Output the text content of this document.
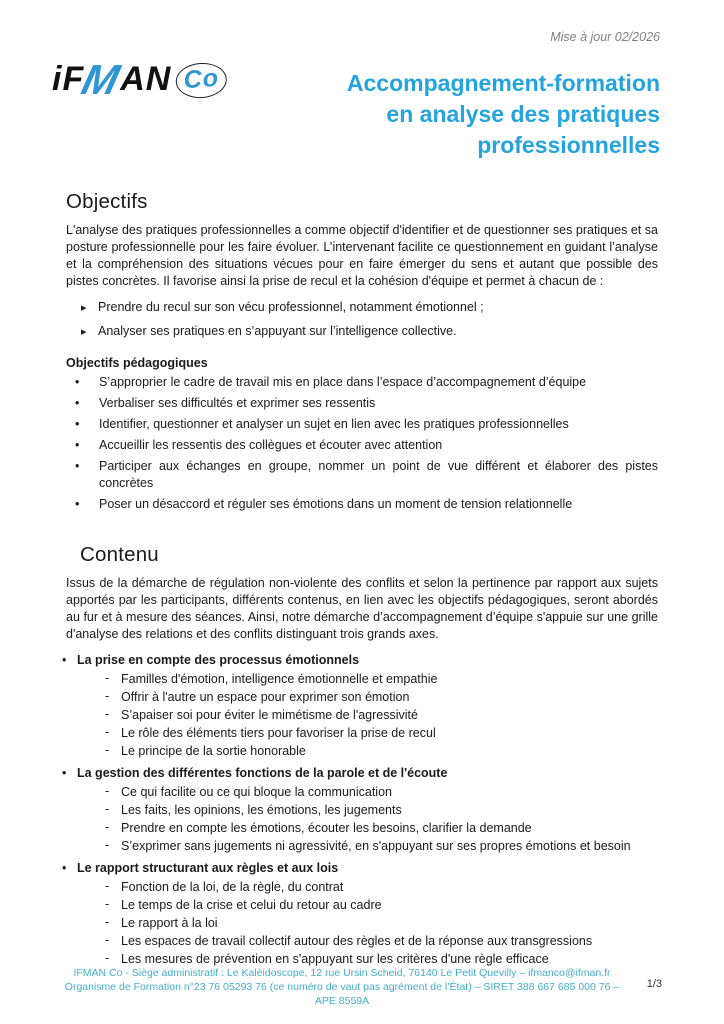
Mise à jour 02/2026
iFMAN Co	Accompagnement-formation
en analyse des pratiques
professionnelles
Objectifs

L'analyse des pratiques professionnelles a comme objectif d'identifier et de questionner ses pratiques et sa posture professionnelle pour les faire évoluer. L’intervenant facilite ce questionnement en guidant l’analyse et la compréhension des situations vécues pour en faire émerger du sens et autant que possible des pistes concrètes. Il favorise ainsi la prise de recul et la cohésion d'équipe et permet à chacun de :

▸ Prendre du recul sur son vécu professionnel, notamment émotionnel ;
▸ Analyser ses pratiques en s’appuyant sur l’intelligence collective.

Objectifs pédagogiques

• S’approprier le cadre de travail mis en place dans l’espace d’accompagnement d’équipe
• Verbaliser ses difficultés et exprimer ses ressentis
• Identifier, questionner et analyser un sujet en lien avec les pratiques professionnelles
• Accueillir les ressentis des collègues et écouter avec attention
• Participer aux échanges en groupe, nommer un point de vue différent et élaborer des pistes concrètes
• Poser un désaccord et réguler ses émotions dans un moment de tension relationnelle
Contenu

Issus de la démarche de régulation non-violente des conflits et selon la pertinence par rapport aux sujets apportés par les participants, différents contenus, en lien avec les objectifs pédagogiques, seront abordés au fur et à mesure des séances. Ainsi, notre démarche d’accompagnement d’équipe s'appuie sur une grille d'analyse des relations et des conflits distinguant trois grands axes.

• La prise en compte des processus émotionnels
- Familles d'émotion, intelligence émotionnelle et empathie
- Offrir à l'autre un espace pour exprimer son émotion
- S’apaiser soi pour éviter le mimétisme de l'agressivité
- Le rôle des éléments tiers pour favoriser la prise de recul
- Le principe de la sortie honorable
• La gestion des différentes fonctions de la parole et de l'écoute
- Ce qui facilite ou ce qui bloque la communication
- Les faits, les opinions, les émotions, les jugements
- Prendre en compte les émotions, écouter les besoins, clarifier la demande
- S’exprimer sans jugements ni agressivité, en s'appuyant sur ses propres émotions et besoin
• Le rapport structurant aux règles et aux lois
- Fonction de la loi, de la règle, du contrat
- Le temps de la crise et celui du retour au cadre
- Le rapport à la loi
- Les espaces de travail collectif autour des règles et de la réponse aux transgressions
- Les mesures de prévention en s'appuyant sur les critères d'une règle efficace
IFMAN Co - Siège administratif : Le Kaléidoscope, 12 rue Ursin Scheid, 76140 Le Petit Quevilly – ifmanco@ifman.fr
Organisme de Formation n°23 76 05293 76 (ce numéro de vaut pas agrément de l’État) – SIRET 388 667 685 000 76 – APE 8559A
1/3
